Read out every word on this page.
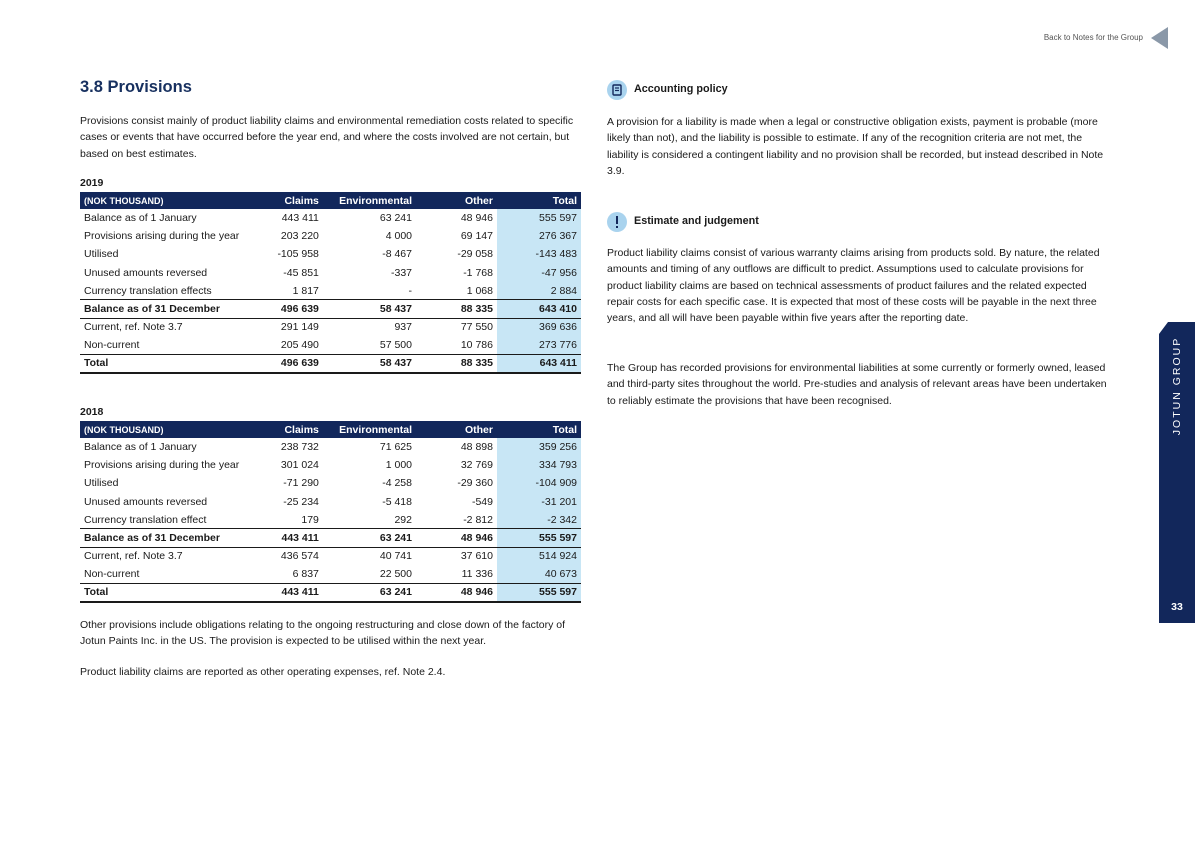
Back to Notes for the Group
3.8 Provisions

Provisions consist mainly of product liability claims and environmental remediation costs related to specific cases or events that have occurred before the year end, and where the costs involved are not certain, but based on best estimates.

2019
(NOK THOUSAND)	Claims	Environmental	Other	Total
Balance as of 1 January	443 411	63 241	48 946	555 597
Provisions arising during the year	203 220	4 000	69 147	276 367
Utilised	-105 958	-8 467	-29 058	-143 483
Unused amounts reversed	-45 851	-337	-1 768	-47 956
Currency translation effects	1 817	-	1 068	2 884
Balance as of 31 December	496 639	58 437	88 335	643 410
Current, ref. Note 3.7	291 149	937	77 550	369 636
Non-current	205 490	57 500	10 786	273 776
Total	496 639	58 437	88 335	643 411
2018
(NOK THOUSAND)	Claims	Environmental	Other	Total
Balance as of 1 January	238 732	71 625	48 898	359 256
Provisions arising during the year	301 024	1 000	32 769	334 793
Utilised	-71 290	-4 258	-29 360	-104 909
Unused amounts reversed	-25 234	-5 418	-549	-31 201
Currency translation effect	179	292	-2 812	-2 342
Balance as of 31 December	443 411	63 241	48 946	555 597
Current, ref. Note 3.7	436 574	40 741	37 610	514 924
Non-current	6 837	22 500	11 336	40 673
Total	443 411	63 241	48 946	555 597

Other provisions include obligations relating to the ongoing restructuring and close down of the factory of Jotun Paints Inc. in the US. The provision is expected to be utilised within the next year.

Product liability claims are reported as other operating expenses, ref. Note 2.4.

Accounting policy

A provision for a liability is made when a legal or constructive obligation exists, payment is probable (more likely than not), and the liability is possible to estimate. If any of the recognition criteria are not met, the liability is considered a contingent liability and no provision shall be recorded, but instead described in Note 3.9.

Estimate and judgement

Product liability claims consist of various warranty claims arising from products sold. By nature, the related amounts and timing of any outflows are difficult to predict. Assumptions used to calculate provisions for product liability claims are based on technical assessments of product failures and the related expected repair costs for each specific case. It is expected that most of these costs will be payable in the next three years, and all will have been payable within five years after the reporting date.

The Group has recorded provisions for environmental liabilities at some currently or formerly owned, leased and third-party sites throughout the world. Pre-studies and analysis of relevant areas have been undertaken to reliably estimate the provisions that have been recognised.	JOTUN GROUP
33
